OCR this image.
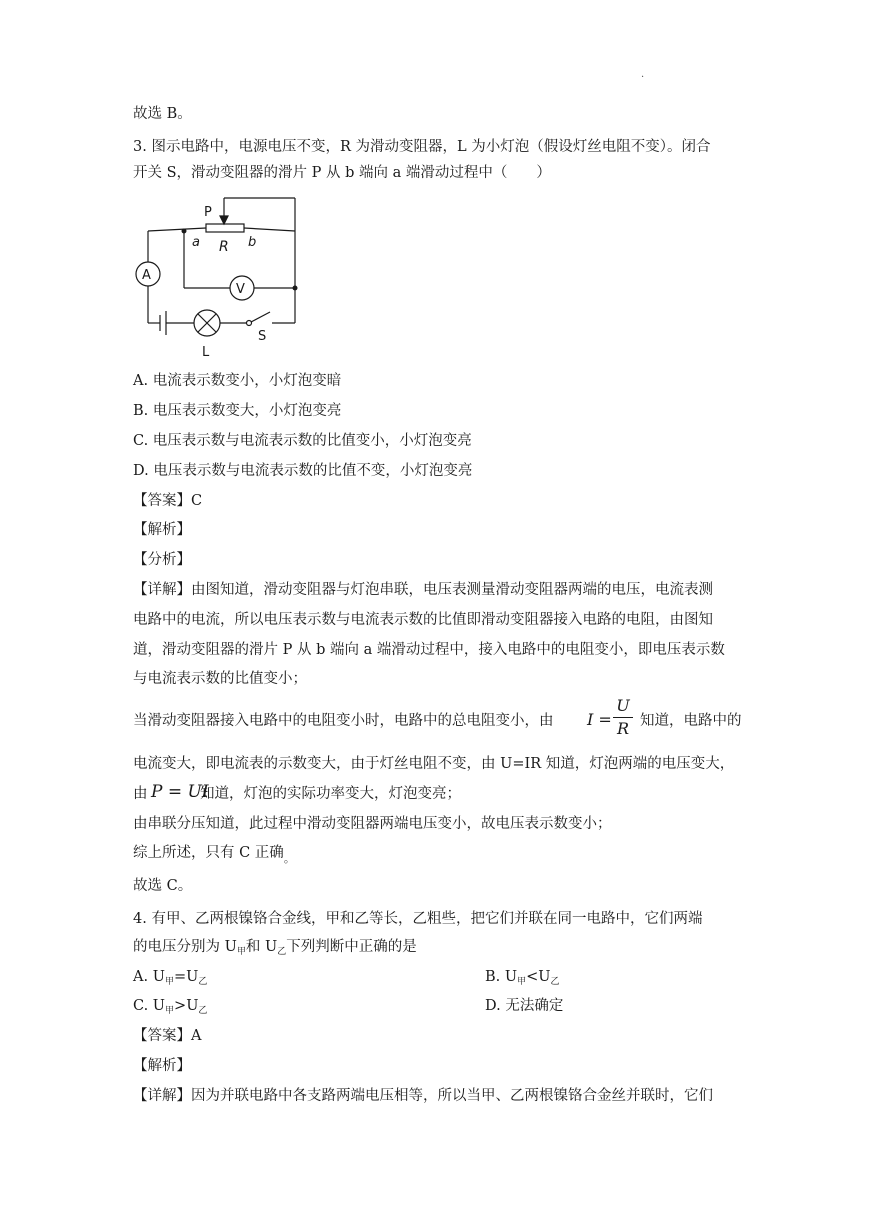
·
故选 B。
3. 图示电路中，电源电压不变，R 为滑动变阻器，L 为小灯泡（假设灯丝电阻不变）。闭合
开关 S，滑动变阻器的滑片 P 从 b 端向 a 端滑动过程中（　　）
P
a R b
A
V
L
S
A. 电流表示数变小，小灯泡变暗
B. 电压表示数变大，小灯泡变亮
C. 电压表示数与电流表示数的比值变小，小灯泡变亮
D. 电压表示数与电流表示数的比值不变，小灯泡变亮
【答案】C
【解析】
【分析】
【详解】由图知道，滑动变阻器与灯泡串联，电压表测量滑动变阻器两端的电压，电流表测
电路中的电流，所以电压表示数与电流表示数的比值即滑动变阻器接入电路的电阻，由图知
道，滑动变阻器的滑片 P 从 b 端向 a 端滑动过程中，接入电路中的电阻变小，即电压表示数
与电流表示数的比值变小；
当滑动变阻器接入电路中的电阻变小时，电路中的总电阻变小，由 I =
U
R 知道，电路中的
电流变大，即电流表的示数变大，由于灯丝电阻不变，由 U=IR 知道，灯泡两端的电压变大，
由 P = UI
知道，灯泡的实际功率变大，灯泡变亮；
由串联分压知道，此过程中滑动变阻器两端电压变小，故电压表示数变小；
综上所述，只有 C 正确$_。$
故选 C。
4. 有甲、乙两根镍铬合金线，甲和乙等长，乙粗些，把它们并联在同一电路中，它们两端
的电压分别为 $U_甲$和 $U_乙$下列判断中正确的是
A. $U_甲=U_乙$	B. $U_甲<U_乙$
C. $U_甲>U_乙$	D. 无法确定
【答案】A
【解析】
【详解】因为并联电路中各支路两端电压相等，所以当甲、乙两根镍铬合金丝并联时，它们
